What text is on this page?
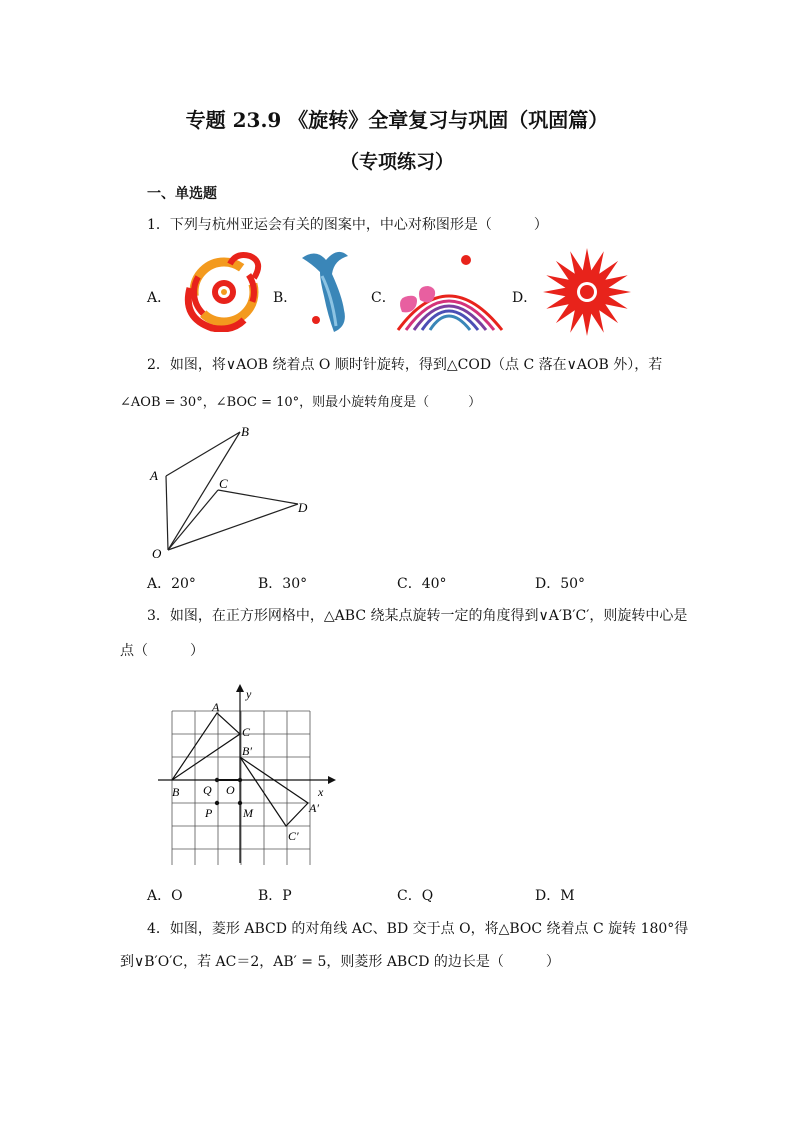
专题 23.9 《旋转》全章复习与巩固（巩固篇）
（专项练习）
一、单选题
1．下列与杭州亚运会有关的图案中，中心对称图形是（　　　）
A．	B．	C．	D．
2．如图，将∨AOB 绕着点 O 顺时针旋转，得到△COD（点 C 落在∨AOB 外），若
∠AOB = 30°，∠BOC = 10°，则最小旋转角度是（　　　）
B
A
C
D
O
A．20°	B．30°	C．40°	D．50°
3．如图，在正方形网格中，△ABC 绕某点旋转一定的角度得到∨A′B′C′，则旋转中心是
点（　　　）
y
A
C
B′
x
B Q O
P	M	A′
C′
A．O	B．P	C．Q	D．M
4．如图，菱形 ABCD 的对角线 AC、BD 交于点 O，将△BOC 绕着点 C 旋转 180°得
到∨B′O′C，若 AC＝2，AB′ = 5，则菱形 ABCD 的边长是（　　　）
